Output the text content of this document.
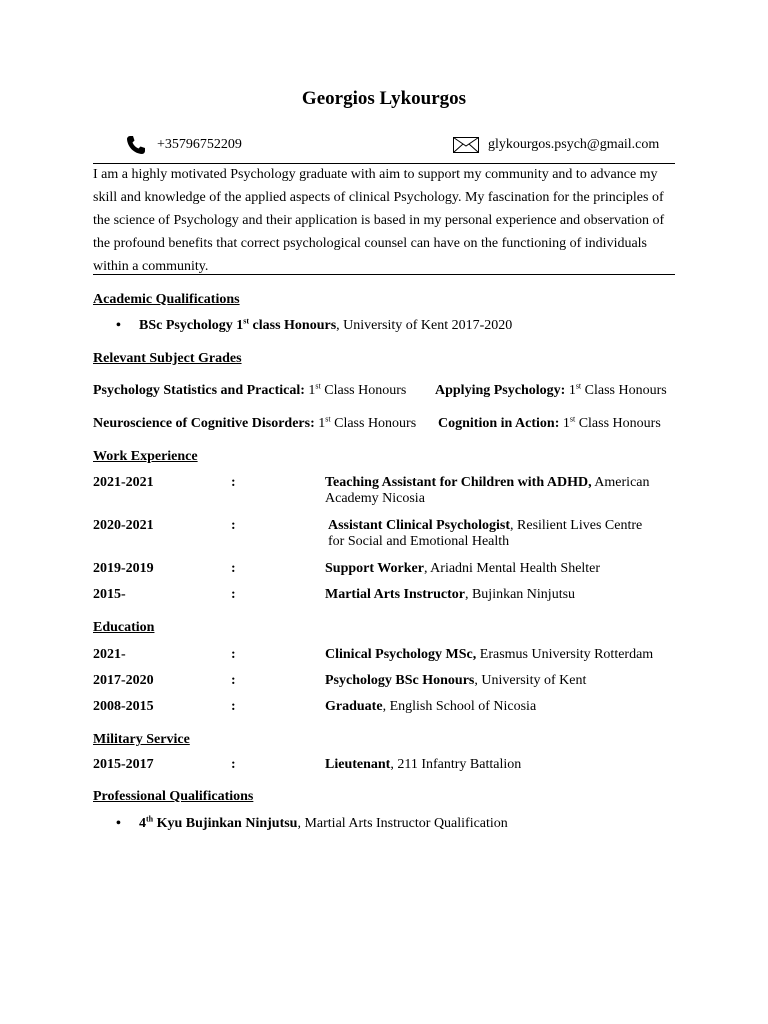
Georgios Lykourgos
+35796752209	glykourgos.psych@gmail.com
I am a highly motivated Psychology graduate with aim to support my community and to advance my skill and knowledge of the applied aspects of clinical Psychology. My fascination for the principles of the science of Psychology and their application is based in my personal experience and observation of the profound benefits that correct psychological counsel can have on the functioning of individuals within a community.
Academic Qualifications
• BSc Psychology 1st class Honours, University of Kent 2017-2020
Relevant Subject Grades
Psychology Statistics and Practical: 1st Class Honours Applying Psychology: 1st Class Honours
Neuroscience of Cognitive Disorders: 1st Class Honours Cognition in Action: 1st Class Honours
Work Experience
2021-2021	:	Teaching Assistant for Children with ADHD, American Academy Nicosia
2020-2021	:	Assistant Clinical Psychologist, Resilient Lives Centre for Social and Emotional Health
2019-2019	:	Support Worker, Ariadni Mental Health Shelter
2015-	:	Martial Arts Instructor, Bujinkan Ninjutsu
Education
2021-	:	Clinical Psychology MSc, Erasmus University Rotterdam
2017-2020	:	Psychology BSc Honours, University of Kent
2008-2015	:	Graduate, English School of Nicosia
Military Service
2015-2017	:	Lieutenant, 211 Infantry Battalion
Professional Qualifications
• 4th Kyu Bujinkan Ninjutsu, Martial Arts Instructor Qualification
